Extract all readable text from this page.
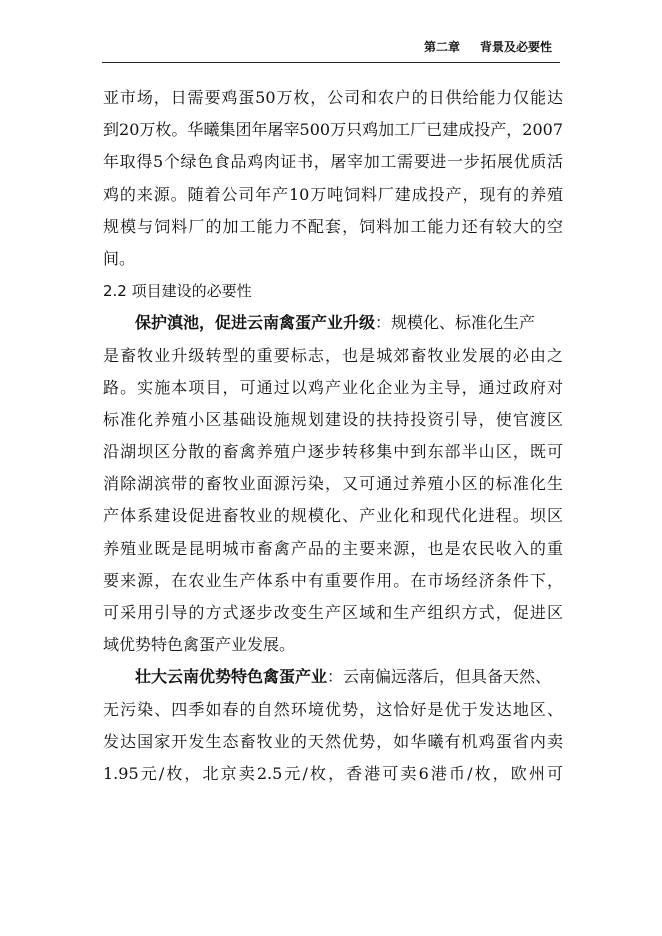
第二章 背景及必要性
亚市场，日需要鸡蛋50万枚，公司和农户的日供给能力仅能达
到20万枚。华曦集团年屠宰500万只鸡加工厂已建成投产，2007
年取得5个绿色食品鸡肉证书，屠宰加工需要进一步拓展优质活
鸡的来源。随着公司年产10万吨饲料厂建成投产，现有的养殖
规模与饲料厂的加工能力不配套，饲料加工能力还有较大的空
间。
2.2 项目建设的必要性
保护滇池，促进云南禽蛋产业升级：规模化、标准化生产
是畜牧业升级转型的重要标志，也是城郊畜牧业发展的必由之
路。实施本项目，可通过以鸡产业化企业为主导，通过政府对
标准化养殖小区基础设施规划建设的扶持投资引导，使官渡区
沿湖坝区分散的畜禽养殖户逐步转移集中到东部半山区，既可
消除湖滨带的畜牧业面源污染，又可通过养殖小区的标准化生
产体系建设促进畜牧业的规模化、产业化和现代化进程。坝区
养殖业既是昆明城市畜禽产品的主要来源，也是农民收入的重
要来源，在农业生产体系中有重要作用。在市场经济条件下，
可采用引导的方式逐步改变生产区域和生产组织方式，促进区
域优势特色禽蛋产业发展。
壮大云南优势特色禽蛋产业：云南偏远落后，但具备天然、
无污染、四季如春的自然环境优势，这恰好是优于发达地区、
发达国家开发生态畜牧业的天然优势，如华曦有机鸡蛋省内卖
1.95元/枚，北京卖2.5元/枚，香港可卖6港币/枚，欧州可
